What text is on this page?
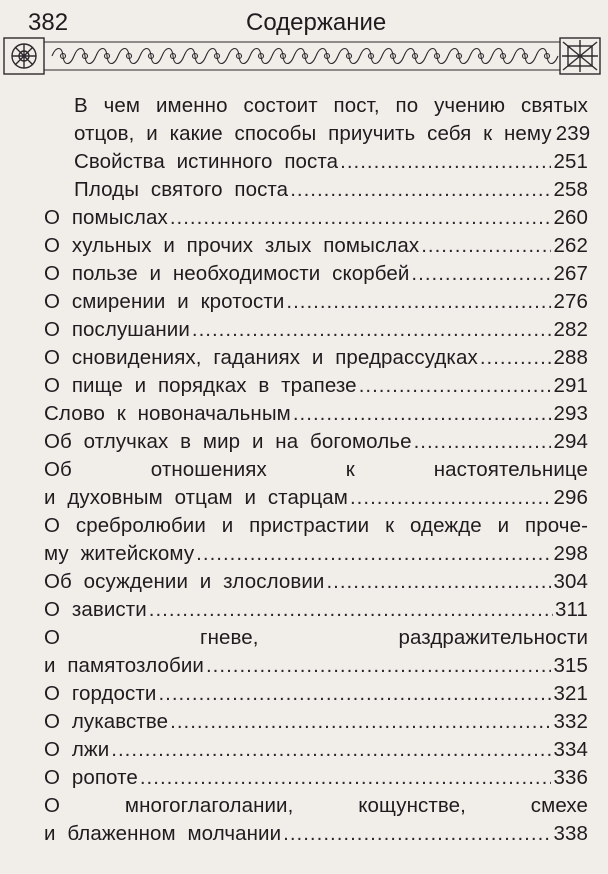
382	Содержание
В чем именно состоит пост, по учению святых
отцов, и какие способы приучить себя к нему 239
Свойства истинного поста .....	251
Плоды святого поста .....	258
О помыслах .....	260
О хульных и прочих злых помыслах .....	262
О пользе и необходимости скорбей .....	267
О смирении и кротости .....	276
О послушании .....	282
О сновидениях, гаданиях и предрассудках .....	288
О пище и порядках в трапезе .....	291
Слово к новоначальным .....	293
Об отлучках в мир и на богомолье .....	294
Об отношениях к настоятельнице
и духовным отцам и старцам .....	296
О сребролюбии и пристрастии к одежде и проче-
му житейскому .....	298
Об осуждении и злословии .....	304
О зависти .....	311
О гневе, раздражительности
и памятозлобии .....	315
О гордости .....	321
О лукавстве .....	332
О лжи .....	334
О ропоте .....	336
О многоглаголании, кощунстве, смехе
и блаженном молчании .....	338
